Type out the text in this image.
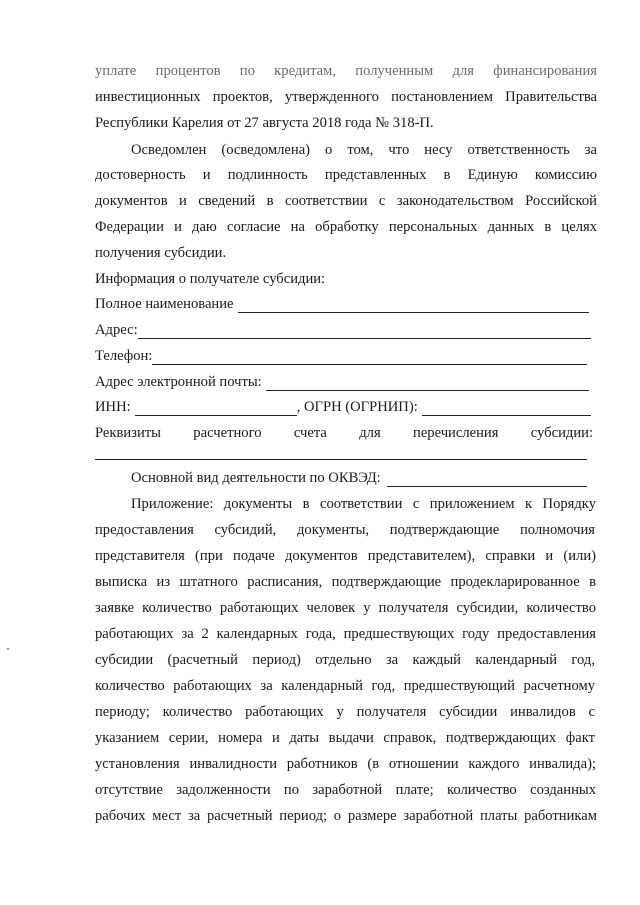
уплате процентов по кредитам, полученным для финансирования
инвестиционных проектов, утвержденного постановлением Правительства
Республики Карелия от 27 августа 2018 года № 318-П.
Осведомлен (осведомлена) о том, что несу ответственность за
достоверность и подлинность представленных в Единую комиссию
документов и сведений в соответствии с законодательством Российской
Федерации и даю согласие на обработку персональных данных в целях
получения субсидии.
Информация о получателе субсидии:
Полное наименование
Адрес:
Телефон:
Адрес электронной почты:
ИНН:	, ОГРН (ОГРНИП):
Реквизиты расчетного счета для перечисления субсидии:
Основной вид деятельности по ОКВЭД:
Приложение: документы в соответствии с приложением к Порядку
предоставления субсидий, документы, подтверждающие полномочия
представителя (при подаче документов представителем), справки и (или)
выписка из штатного расписания, подтверждающие продекларированное в
заявке количество работающих человек у получателя субсидии, количество
работающих за 2 календарных года, предшествующих году предоставления
субсидии (расчетный период) отдельно за каждый календарный год,
количество работающих за календарный год, предшествующий расчетному
периоду; количество работающих у получателя субсидии инвалидов с
указанием серии, номера и даты выдачи справок, подтверждающих факт
установления инвалидности работников (в отношении каждого инвалида);
отсутствие задолженности по заработной плате; количество созданных
рабочих мест за расчетный период; о размере заработной платы работникам
